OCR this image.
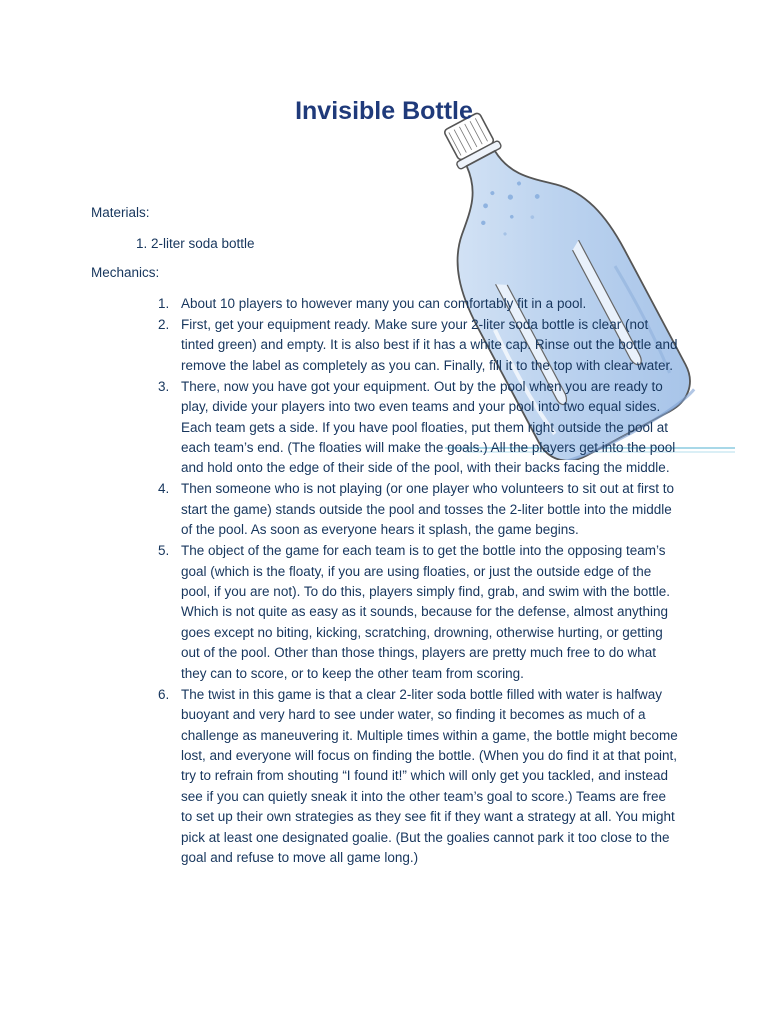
Invisible Bottle

Materials:

1. 2-liter soda bottle

Mechanics:

1. About 10 players to however many you can comfortably fit in a pool.
2. First, get your equipment ready. Make sure your 2-liter soda bottle is clear (not tinted green) and empty. It is also best if it has a white cap. Rinse out the bottle and remove the label as completely as you can. Finally, fill it to the top with clear water.
3. There, now you have got your equipment. Out by the pool when you are ready to play, divide your players into two even teams and your pool into two equal sides. Each team gets a side. If you have pool floaties, put them right outside the pool at each team’s end. (The floaties will make the goals.) All the players get into the pool and hold onto the edge of their side of the pool, with their backs facing the middle.
4. Then someone who is not playing (or one player who volunteers to sit out at first to start the game) stands outside the pool and tosses the 2-liter bottle into the middle of the pool. As soon as everyone hears it splash, the game begins.
5. The object of the game for each team is to get the bottle into the opposing team’s goal (which is the floaty, if you are using floaties, or just the outside edge of the pool, if you are not). To do this, players simply find, grab, and swim with the bottle. Which is not quite as easy as it sounds, because for the defense, almost anything goes except no biting, kicking, scratching, drowning, otherwise hurting, or getting out of the pool. Other than those things, players are pretty much free to do what they can to score, or to keep the other team from scoring.
6. The twist in this game is that a clear 2-liter soda bottle filled with water is halfway buoyant and very hard to see under water, so finding it becomes as much of a challenge as maneuvering it. Multiple times within a game, the bottle might become lost, and everyone will focus on finding the bottle. (When you do find it at that point, try to refrain from shouting “I found it!” which will only get you tackled, and instead see if you can quietly sneak it into the other team’s goal to score.) Teams are free to set up their own strategies as they see fit if they want a strategy at all. You might pick at least one designated goalie. (But the goalies cannot park it too close to the goal and refuse to move all game long.)
